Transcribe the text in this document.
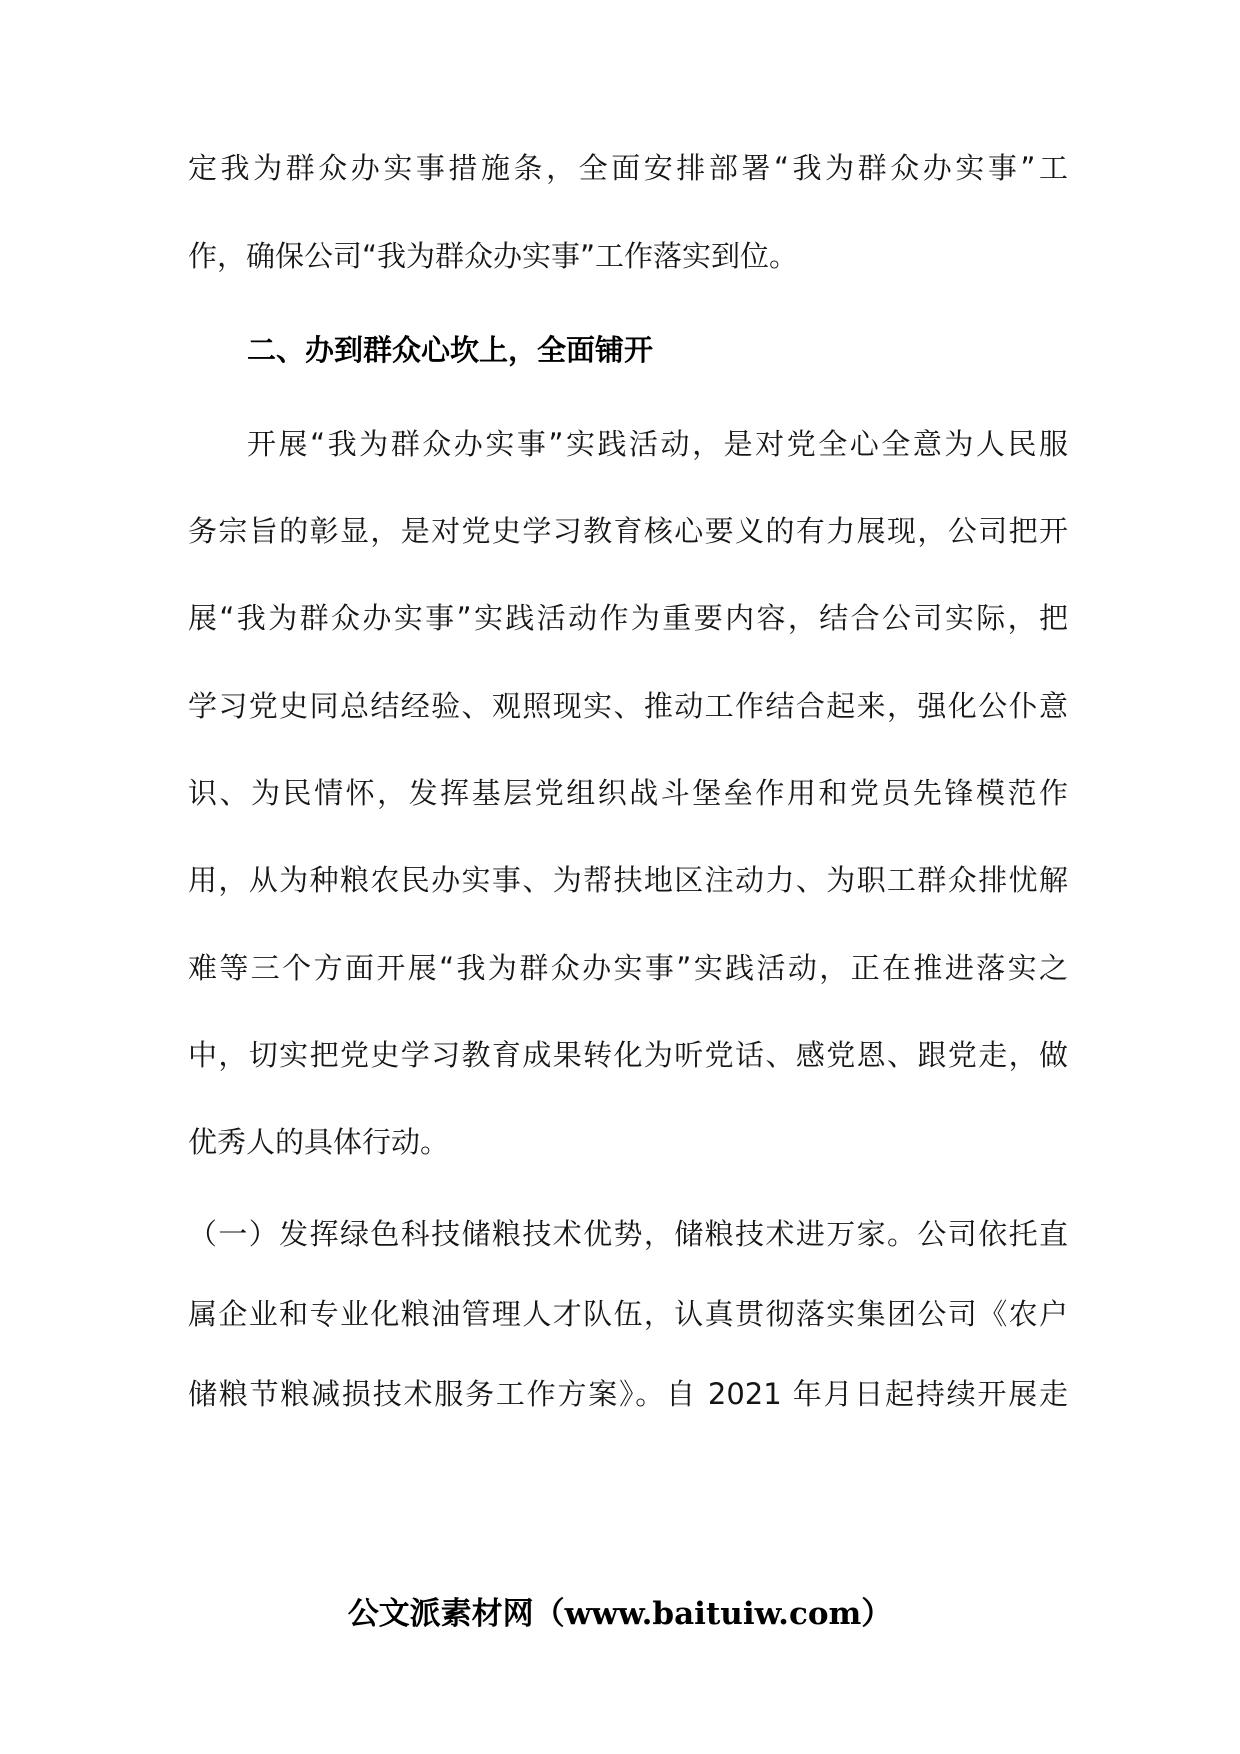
定我为群众办实事措施条，全面安排部署“我为群众办实事”工
作，确保公司“我为群众办实事”工作落实到位。
二、办到群众心坎上，全面铺开
开展“我为群众办实事”实践活动，是对党全心全意为人民服
务宗旨的彰显，是对党史学习教育核心要义的有力展现，公司把开
展“我为群众办实事”实践活动作为重要内容，结合公司实际，把
学习党史同总结经验、观照现实、推动工作结合起来，强化公仆意
识、为民情怀，发挥基层党组织战斗堡垒作用和党员先锋模范作
用，从为种粮农民办实事、为帮扶地区注动力、为职工群众排忧解
难等三个方面开展“我为群众办实事”实践活动，正在推进落实之
中，切实把党史学习教育成果转化为听党话、感党恩、跟党走，做
优秀人的具体行动。
（一）发挥绿色科技储粮技术优势，储粮技术进万家。公司依托直
属企业和专业化粮油管理人才队伍，认真贯彻落实集团公司《农户
储粮节粮减损技术服务工作方案》。自 2021 年月日起持续开展走
公文派素材网（www.baituiw.com）
